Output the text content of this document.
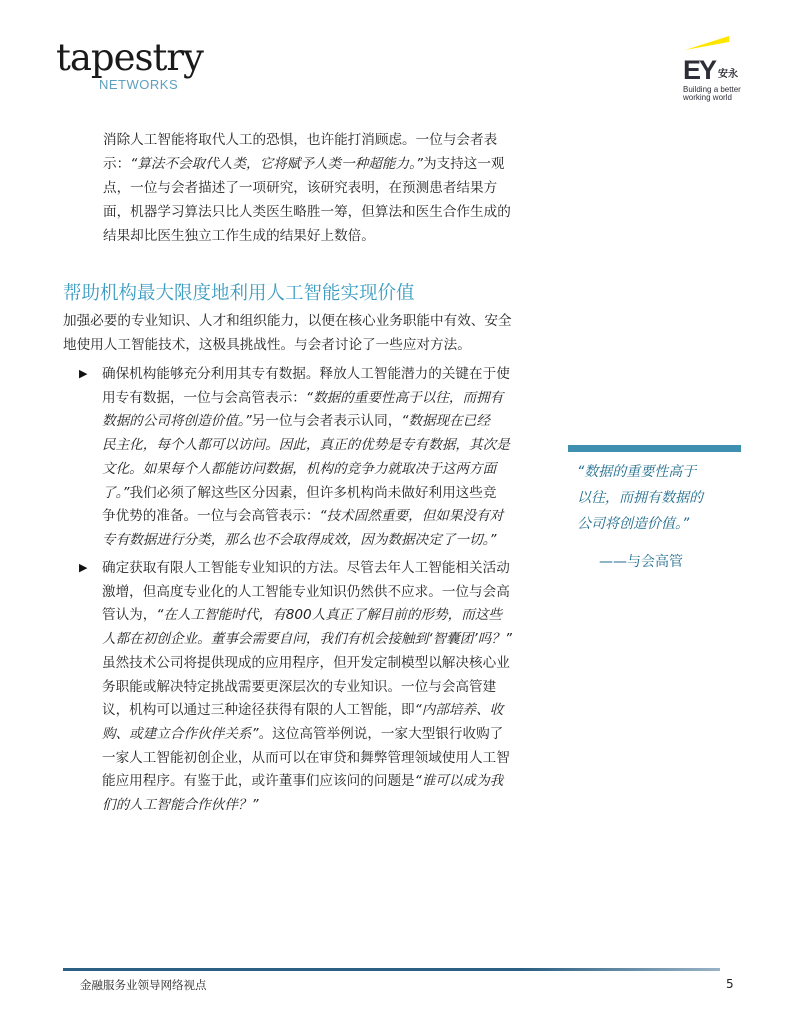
tapestry
NETWORKS	EY 安永
Building a better
working world
消除人工智能将取代人工的恐惧，也许能打消顾虑。一位与会者表
示：“算法不会取代人类，它将赋予人类一种超能力。”为支持这一观
点，一位与会者描述了一项研究，该研究表明，在预测患者结果方
面，机器学习算法只比人类医生略胜一筹，但算法和医生合作生成的
结果却比医生独立工作生成的结果好上数倍。
加强必要的专业知识、人才和组织能力，以便在核心业务职能中有效、安全
地使用人工智能技术，这极具挑战性。与会者讨论了一些应对方法。
▶ 确保机构能够充分利用其专有数据。释放人工智能潜力的关键在于使
用专有数据，一位与会高管表示：“数据的重要性高于以往，而拥有
数据的公司将创造价值。”另一位与会者表示认同，“数据现在已经
民主化，每个人都可以访问。因此，真正的优势是专有数据，其次是
文化。如果每个人都能访问数据，机构的竞争力就取决于这两方面
了。”我们必须了解这些区分因素，但许多机构尚未做好利用这些竞
争优势的准备。一位与会高管表示：“技术固然重要，但如果没有对
专有数据进行分类，那么也不会取得成效，因为数据决定了一切。”
▶ 确定获取有限人工智能专业知识的方法。尽管去年人工智能相关活动
激增，但高度专业化的人工智能专业知识仍然供不应求。一位与会高
管认为，“在人工智能时代，有800人真正了解目前的形势，而这些
人都在初创企业。董事会需要自问，我们有机会接触到‘智囊团’吗？”
虽然技术公司将提供现成的应用程序，但开发定制模型以解决核心业
务职能或解决特定挑战需要更深层次的专业知识。一位与会高管建
议，机构可以通过三种途径获得有限的人工智能，即“内部培养、收
购、或建立合作伙伴关系”。这位高管举例说，一家大型银行收购了
一家人工智能初创企业，从而可以在审贷和舞弊管理领域使用人工智
能应用程序。有鉴于此，或许董事们应该问的问题是“谁可以成为我
们的人工智能合作伙伴？”
帮助机构最大限度地利用人工智能实现价值
“数据的重要性高于
以往，而拥有数据的
公司将创造价值。”
——与会高管
金融服务业领导网络视点	5
